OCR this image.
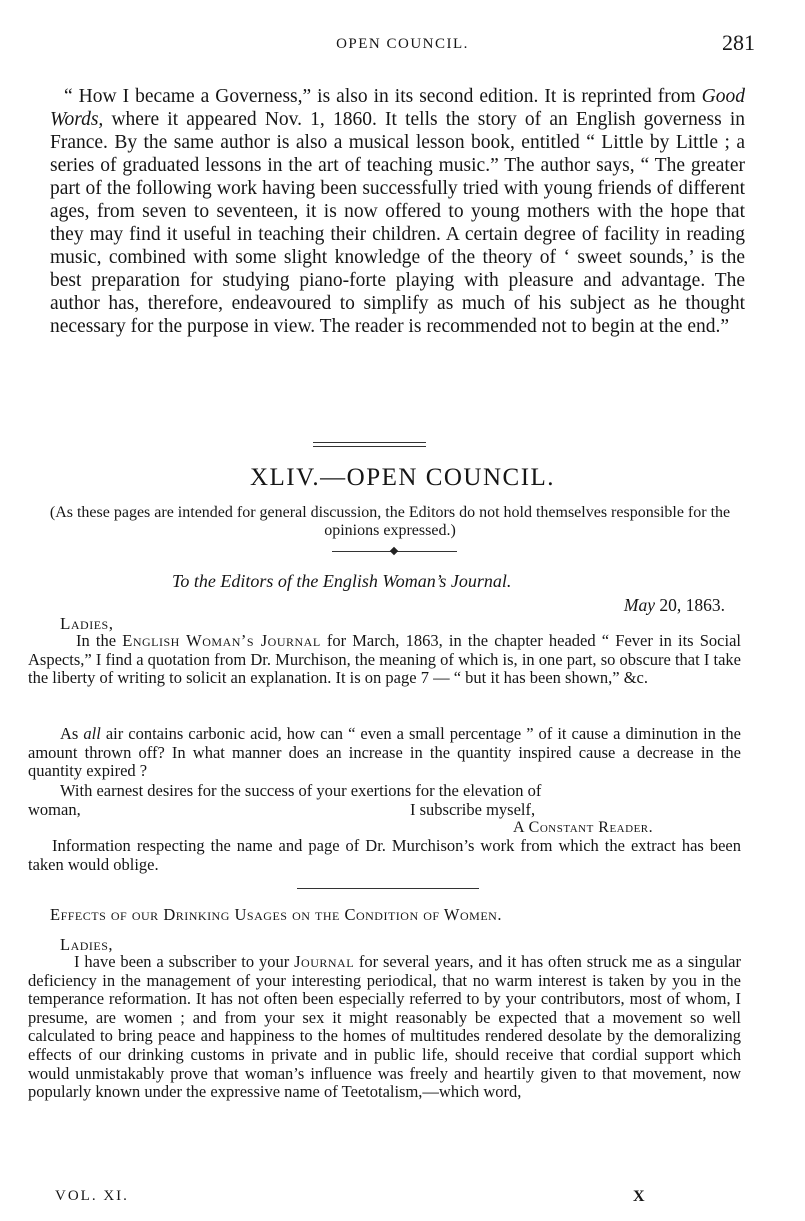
OPEN COUNCIL.	281
“ How I became a Governess,” is also in its second edition. It is reprinted from Good Words, where it appeared Nov. 1, 1860. It tells the story of an English governess in France. By the same author is also a musical lesson book, entitled “ Little by Little ; a series of graduated lessons in the art of teaching music.” The author says, “ The greater part of the following work having been successfully tried with young friends of different ages, from seven to seventeen, it is now offered to young mothers with the hope that they may find it useful in teaching their children. A certain degree of facility in reading music, combined with some slight knowledge of the theory of ‘ sweet sounds,’ is the best preparation for studying piano-forte playing with pleasure and advantage. The author has, therefore, endeavoured to simplify as much of his subject as he thought necessary for the purpose in view. The reader is recommended not to begin at the end.”
XLIV.—OPEN COUNCIL.
(As these pages are intended for general discussion, the Editors do not hold themselves responsible for the opinions expressed.)
To the Editors of the English Woman’s Journal.
May 20, 1863.
Ladies,
In the English Woman’s Journal for March, 1863, in the chapter headed “ Fever in its Social Aspects,” I find a quotation from Dr. Murchison, the meaning of which is, in one part, so obscure that I take the liberty of writing to solicit an explanation. It is on page 7 — “ but it has been shown,” &c.
As all air contains carbonic acid, how can “ even a small percentage ” of it cause a diminution in the amount thrown off? In what manner does an increase in the quantity inspired cause a decrease in the quantity expired ?
With earnest desires for the success of your exertions for the elevation of
woman,	I subscribe myself,
A Constant Reader.
Information respecting the name and page of Dr. Murchison’s work from which the extract has been taken would oblige.
Effects of our Drinking Usages on the Condition of Women.
Ladies,
I have been a subscriber to your Journal for several years, and it has often struck me as a singular deficiency in the management of your interesting periodical, that no warm interest is taken by you in the temperance reformation. It has not often been especially referred to by your contributors, most of whom, I presume, are women ; and from your sex it might reasonably be expected that a movement so well calculated to bring peace and happiness to the homes of multitudes rendered desolate by the demoralizing effects of our drinking customs in private and in public life, should receive that cordial support which would unmistakably prove that woman’s influence was freely and heartily given to that movement, now popularly known under the expressive name of Teetotalism,—which word,
VOL. XI.	X
